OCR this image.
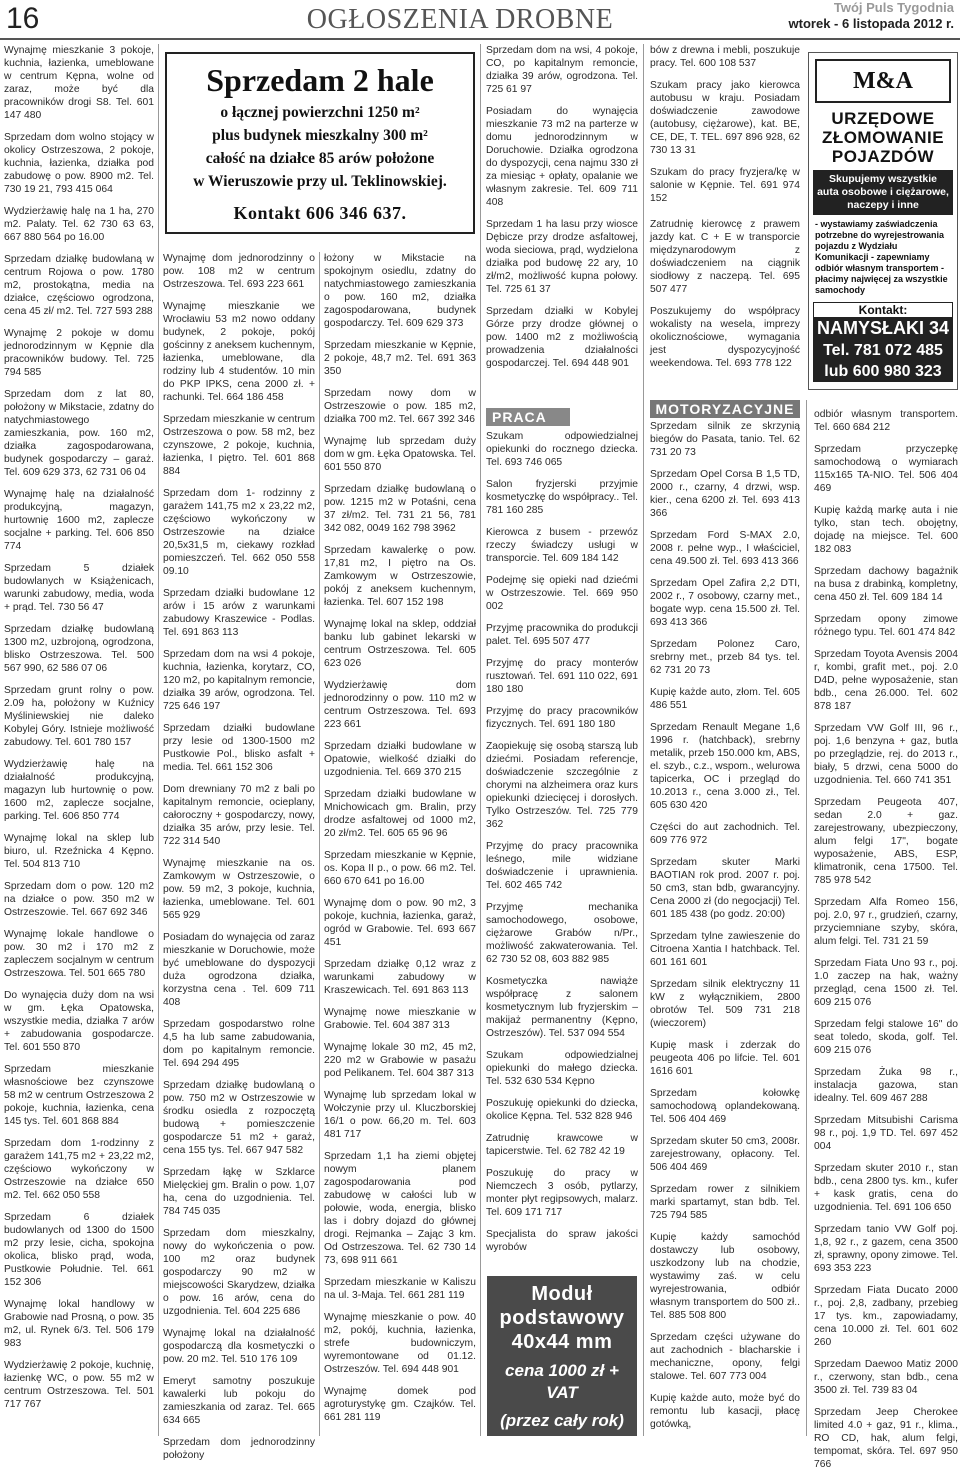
16	OGŁOSZENIA DROBNE	Twój Puls Tygodnia
wtorek - 6 listopada 2012 r.
Sprzedam 2 hale
o łącznej powierzchni 1250 m²
plus budynek mieszkalny 300 m²
całość na działce 85 arów położone
w Wieruszowie przy ul. Teklinowskiej.
Kontakt 606 346 637.
M&A
URZĘDOWE ZŁOMOWANIE POJAZDÓW
Skupujemy wszystkie auta osobowe i ciężarowe, naczepy i inne
- wystawiamy zaświadczenia potrzebne do wyrejestrowania pojazdu z Wydziału Komunikacji - zapewniamy odbiór własnym transportem - płacimy najwięcej za wszystkie samochody
Kontakt:
NAMYSŁAKI 34
Tel. 781 072 485
lub 600 980 323
PRACA	MOTORYZACYJNE
Moduł
podstawowy
40x44 mm
cena 1000 zł + VAT
(przez cały rok)
Wynajmę mieszkanie 3 pokoje, kuchnia, łazienka, umeblowane w centrum Kępna, wolne od zaraz, może być dla pracowników drogi S8. Tel. 601 147 480
Sprzedam dom wolno stojący w okolicy Ostrzeszowa, 2 pokoje, kuchnia, łazienka, działka pod zabudowę o pow. 8900 m2. Tel. 730 19 21, 793 415 064
Wydzierżawię halę na 1 ha, 270 m2. Palaty. Tel. 62 730 63 63, 667 880 564 po 16.00
Sprzedam działkę budowlaną w centrum Rojowa o pow. 1780 m2, prostokątna, media na działce, częściowo ogrodzona, cena 45 zł/ m2. Tel. 727 593 288
Wynajmę 2 pokoje w domu jednorodzinnym w Kępnie dla pracowników budowy. Tel. 725 794 585
Sprzedam dom z lat 80, położony w Mikstacie, zdatny do natychmiastowego zamieszkania, pow. 160 m2, działka zagospodarowana, budynek gospodarczy – garaż. Tel. 609 629 373, 62 731 06 04
Wynajmę halę na działalność produkcyjną, magazyn, hurtownię 1600 m2, zaplecze socjalne + parking. Tel. 606 850 774
Sprzedam 5 działek budowlanych w Książenicach, warunki zabudowy, media, woda + prąd. Tel. 730 56 47
Sprzedam działkę budowlaną 1300 m2, uzbrojoną, ogrodzona, blisko Ostrzeszowa. Tel. 500 567 990, 62 586 07 06
Sprzedam grunt rolny o pow. 2.09 ha, położony w Kuźnicy Myśliniewskiej nie daleko Kobylej Góry. Istnieje możliwość zabudowy. Tel. 601 780 157
Wydzierżawię halę na działalność produkcyjną, magazyn lub hurtownię o pow. 1600 m2, zaplecze socjalne, parking. Tel. 606 850 774
Wynajmę lokal na sklep lub biuro, ul. Rzeźnicka 4 Kępno. Tel. 504 813 710
Sprzedam dom o pow. 120 m2 na działce o pow. 350 m2 w Ostrzeszowie. Tel. 667 692 346
Wynajmę lokale handlowe o pow. 30 m2 i 170 m2 z zapleczem socjalnym w centrum Ostrzeszowa. Tel. 501 665 780
Do wynajęcia duży dom na wsi w gm. Łęka Opatowska, wszystkie media, działka 7 arów + zabudowania gospodarcze. Tel. 601 550 870
Sprzedam mieszkanie własnościowe bez czynszowe 58 m2 w centrum Ostrzeszowa 2 pokoje, kuchnia, łazienka, cena 145 tys. Tel. 601 868 884
Sprzedam dom 1-rodzinny z garażem 141,75 m2 + 23,22 m2, częściowo wykończony w Ostrzeszowie na działce 650 m2. Tel. 662 050 558
Sprzedam 6 działek budowlanych od 1300 do 1500 m2 przy lesie, cicha, spokojna okolica, blisko prąd, woda, Pustkowie Południe. Tel. 661 152 306
Wynajmę lokal handlowy w Grabowie nad Prosną, o pow. 35 m2, ul. Rynek 6/3. Tel. 506 179 983
Wydzierżawię 2 pokoje, kuchnię, łazienkę WC, o pow. 55 m2 w centrum Ostrzeszowa. Tel. 501 717 767
Wynajmę dom jednorodzinny o pow. 108 m2 w centrum Ostrzeszowa. Tel. 693 223 661
Wynajmę mieszkanie we Wrocławiu 53 m2 nowo oddany budynek, 2 pokoje, pokój gościnny z aneksem kuchennym, łazienka, umeblowane, dla rodziny lub 4 studentów. 10 min do PKP IPKS, cena 2000 zł. + rachunki. Tel. 664 186 458
Sprzedam mieszkanie w centrum Ostrzeszowa o pow. 58 m2, bez czynszowe, 2 pokoje, kuchnia, łazienka, I piętro. Tel. 601 868 884
Sprzedam dom 1- rodzinny z garażem 141,75 m2 x 23,22 m2, częściowo wykończony w Ostrzeszowie na działce 20,5x31,5 m, ciekawy rozkład pomieszczeń. Tel. 662 050 558 09.10
Sprzedam działki budowlane 12 arów i 15 arów z warunkami zabudowy Kraszewice - Podlas. Tel. 691 863 113
Sprzedam dom na wsi 4 pokoje, kuchnia, łazienka, korytarz, CO, 120 m2, po kapitalnym remoncie, działka 39 arów, ogrodzona. Tel. 725 646 197
Sprzedam działki budowlane przy lesie od 1300-1500 m2 Pustkowie Pol., blisko asfalt + media. Tel. 661 152 306
Dom drewniany 70 m2 z bali po kapitalnym remoncie, ocieplany, całoroczny + gospodarczy, nowy, działka 35 arów, przy lesie. Tel. 722 314 540
Wynajmę mieszkanie na os. Zamkowym w Ostrzeszowie, o pow. 59 m2, 3 pokoje, kuchnia, łazienka, umeblowane. Tel. 601 565 929
Posiadam do wynajęcia od zaraz mieszkanie w Doruchowie, może być umeblowane do dyspozycji duża ogrodzona działka, korzystna cena . Tel. 609 711 408
Sprzedam gospodarstwo rolne 4,5 ha lub same zabudowania, dom po kapitalnym remoncie. Tel. 694 294 495
Sprzedam działkę budowlaną o pow. 750 m2 w Ostrzeszowie w środku osiedla z rozpoczętą budową + pomieszczenie gospodarcze 51 m2 + garaż, cena 155 tys. Tel. 667 947 582
Sprzedam łąkę w Szklarce Mielęckiej gm. Bralin o pow. 1,07 ha, cena do uzgodnienia. Tel. 784 745 035
Sprzedam dom mieszkalny, nowy do wykończenia o pow. 100 m2 oraz budynek gospodarczy 90 m2 w miejscowości Skarydzew, działka o pow. 16 arów, cena do uzgodnienia. Tel. 604 225 686
Wynajmę lokal na działalność gospodarczą dla kosmetyczki o pow. 20 m2. Tel. 510 176 109
Emeryt samotny poszukuje kawalerki lub pokoju do zamieszkania od zaraz. Tel. 665 634 665
Sprzedam dom jednorodzinny położony
łożony w Mikstacie na spokojnym osiedlu, zdatny do natychmiastowego zamieszkania o pow. 160 m2, działka zagospodarowana, budynek gospodarczy. Tel. 609 629 373
Sprzedam mieszkanie w Kępnie, 2 pokoje, 48,7 m2. Tel. 691 363 350
Sprzedam nowy dom w Ostrzeszowie o pow. 185 m2, działka 700 m2. Tel. 667 392 346
Wynajmę lub sprzedam duży dom w gm. Łęka Opatowska. Tel. 601 550 870
Sprzedam działkę budowlaną o pow. 1215 m2 w Potaśni, cena 37 zł/m2. Tel. 731 21 56, 781 342 082, 0049 162 798 3962
Sprzedam kawalerkę o pow. 17,81 m2, I piętro na Os. Zamkowym w Ostrzeszowie, pokój z aneksem kuchennym, łazienka. Tel. 607 152 198
Wynajmę lokal na sklep, oddział banku lub gabinet lekarski w centrum Ostrzeszowa. Tel. 605 623 026
Wydzierżawię dom jednorodzinny o pow. 110 m2 w centrum Ostrzeszowa. Tel. 693 223 661
Sprzedam działki budowlane w Opatowie, wielkość działki do uzgodnienia. Tel. 669 370 215
Sprzedam działki budowlane w Mnichowicach gm. Bralin, przy drodze asfaltowej od 1000 m2, 20 zł/m2. Tel. 605 65 96 96
Sprzedam mieszkanie w Kępnie, os. Kopa II p., o pow. 66 m2. Tel. 660 670 641 po 16.00
Wynajmę dom o pow. 90 m2, 3 pokoje, kuchnia, łazienka, garaż, ogród w Grabowie. Tel. 693 667 451
Sprzedam działkę 0,12 wraz z warunkami zabudowy w Kraszewicach. Tel. 691 863 113
Wynajmę nowe mieszkanie w Grabowie. Tel. 604 387 313
Wynajmę lokale 30 m2, 45 m2, 220 m2 w Grabowie w pasażu pod Pelikanem. Tel. 604 387 313
Wynajmę lub sprzedam lokal w Wołczynie przy ul. Kluczborskiej 16/1 o pow. 66,20 m. Tel. 603 481 717
Sprzedam 1,1 ha ziemi objętej nowym planem zagospodarowania pod zabudowę w całości lub w połowie, woda, energia, blisko las i dobry dojazd do głównej drogi. Rejmanka – Zając 3 km. Od Ostrzeszowa. Tel. 62 730 14 73, 698 911 661
Sprzedam mieszkanie w Kaliszu na ul. 3-Maja. Tel. 661 281 119
Wynajmę mieszkanie o pow. 40 m2, pokój, kuchnia, łazienka, strefe budowniczym, wyremontowane od 01.12. Ostrzeszów. Tel. 694 448 901
Wynajmę domek pod agroturystykę gm. Czajków. Tel. 661 281 119
Sprzedam dom na wsi, 4 pokoje, CO, po kapitalnym remoncie, działka 39 arów, ogrodzona. Tel. 725 61 97
Posiadam do wynajęcia mieszkanie 73 m2 na parterze w domu jednorodzinnym w Doruchowie. Działka ogrodzona do dyspozycji, cena najmu 330 zł za miesiąc + opłaty, opalanie we własnym zakresie. Tel. 609 711 408
Sprzedam 1 ha lasu przy wiosce Dębicze przy drodze asfaltowej, woda sieciowa, prąd, wydzielona działka pod budowę 22 ary, 10 zł/m2, możliwość kupna połowy. Tel. 725 61 37
Sprzedam działki w Kobylej Górze przy drodze głównej o pow. 1400 m2 z możliwością prowadzenia działalności gospodarczej. Tel. 694 448 901
Szukam odpowiedzialnej opiekunki do rocznego dziecka. Tel. 693 746 065
Salon fryzjerski przyjmie kosmetyczkę do współpracy.. Tel. 781 160 285
Kierowca z busem - przewóz rzeczy świadczy usługi w transporcie. Tel. 609 184 142
Podejmę się opieki nad dziećmi w Ostrzeszowie. Tel. 669 950 002
Przyjmę pracownika do produkcji palet. Tel. 695 507 477
Przyjmę do pracy monterów rusztowań. Tel. 691 110 022, 691 180 180
Przyjmę do pracy pracowników fizycznych. Tel. 691 180 180
Zaopiekuję się osobą starszą lub dziećmi. Posiadam referencje, doświadczenie szczególnie z chorymi na alzheimera oraz kurs opiekunki dziecięcej i dorosłych. Tylko Ostrzeszów. Tel. 725 779 362
Przyjmę do pracy pracownika leśnego, mile widziane doświadczenie i uprawnienia. Tel. 602 465 742
Przyjmę mechanika samochodowego, osobowe, ciężarowe Grabów n/Pr., możliwość zakwaterowania. Tel. 62 730 52 08, 603 882 985
Kosmetyczka nawiąże współpracę z salonem kosmetycznym lub fryzjerskim – makijaż permanentny (Kępno, Ostrzeszów). Tel. 537 094 554
Szukam odpowiedzialnej opiekunki do małego dziecka. Tel. 532 630 534 Kępno
Poszukuję opiekunki do dziecka, okolice Kępna. Tel. 532 828 946
Zatrudnię krawcowe w tapicerstwie. Tel. 62 782 42 19
Poszukuję do pracy w Niemczech 3 osób, pytlarzy, monter płyt regipsowych, malarz. Tel. 609 171 717
Specjalista do spraw jakości wyrobów
bów z drewna i mebli, poszukuje pracy. Tel. 600 108 537
Szukam pracy jako kierowca autobusu w kraju. Posiadam doświadczenie zawodowe (autobusy, ciężarowe), kat. BE, CE, DE, T. TEL. 697 896 928, 62 730 13 31
Szukam do pracy fryzjera/kę w salonie w Kępnie. Tel. 691 974 152
Zatrudnię kierowcę z prawem jazdy kat. C + E w transporcie międzynarodowym z doświadczeniem na ciągnik siodłowy z naczepą. Tel. 695 507 477
Poszukujemy do współpracy wokalisty na wesela, imprezy okolicznościowe, wymagania jest dyspozycyjność weekendowa. Tel. 693 778 122
Sprzedam silnik ze skrzynią biegów do Pasata, tanio. Tel. 62 731 20 73
Sprzedam Opel Corsa B 1,5 TD, 2000 r., czarny, 4 drzwi, wsp. kier., cena 6200 zł. Tel. 693 413 366
Sprzedam Ford S-MAX 2.0, 2008 r. pełne wyp., I właściciel, cena 49.500 zł. Tel. 693 413 366
Sprzedam Opel Zafira 2,2 DTI, 2002 r., 7 osobowy, czarny met., bogate wyp. cena 15.500 zł. Tel. 693 413 366
Sprzedam Polonez Caro, srebrny met., przeb 84 tys. tel. 62 731 20 73
Kupię każde auto, złom. Tel. 605 486 551
Sprzedam Renault Megane 1,6 1996 r. (hatchback), srebrny metalik, przeb 150.000 km, ABS, el. szyb., c.z., wspom., welurowa tapicerka, OC i przegląd do 10.2013 r., cena 3.000 zł., Tel. 605 630 420
Części do aut zachodnich. Tel. 609 776 972
Sprzedam skuter Marki BAOTIAN rok prod. 2007 r. poj. 50 cm3, stan bdb, gwarancyjny. Cena 2000 zł (do negocjacji) Tel. 601 185 438 (po godz. 20:00)
Sprzedam tylne zawieszenie do Citroena Xantia I hatchback. Tel. 601 161 601
Sprzedam silnik elektryczny 11 kW z wyłącznikiem, 2800 obrotów Tel. 509 731 218 (wieczorem)
Kupię mask i zderzak do peugeota 406 po lifcie. Tel. 601 1616 601
Sprzedam kołowkę samochodową oplandekowaną. Tel. 506 404 469
Sprzedam skuter 50 cm3, 2008r. zarejestrowany, opłacony. Tel. 506 404 469
Sprzedam rower z silnikiem marki spartamyt, stan bdb. Tel. 725 794 585
Kupię każdy samochód dostawczy lub osobowy, uszkodzony lub na chodzie, wystawimy zaś. w celu wyrejestrowania, odbiór własnym transportem do 500 zł.. Tel. 885 508 800
Sprzedam części używane do aut zachodnich - blacharskie i mechaniczne, opony, felgi stalowe. Tel. 607 773 004
Kupię każde auto, może być do remontu lub kasacji, płacę gotówką,
odbiór własnym transportem. Tel. 660 684 212
Sprzedam przyczepkę samochodową o wymiarach 115x165 TA-NIO. Tel. 506 404 469
Kupię każdą markę auta i nie tylko, stan tech. obojętny, dojadę na miejsce. Tel. 600 182 083
Sprzedam dachowy bagażnik na busa z drabinką, kompletny, cena 450 zł. Tel. 609 184 14
Sprzedam opony zimowe różnego typu. Tel. 601 474 842
Sprzedam Toyota Avensis 2004 r, kombi, grafit met., poj. 2.0 D4D, pełne wyposażenie, stan bdb., cena 26.000. Tel. 602 878 187
Sprzedam VW Golf III, 96 r., poj. 1,6 benzyna + gaz, butla po przeglądzie, rej. do 2013 r., biały, 5 drzwi, cena 5000 do uzgodnienia. Tel. 660 741 351
Sprzedam Peugeota 407, sedan 2.0 + gaz. zarejestrowany, ubezpieczony, alum felgi 17", bogate wyposażenie, ABS, ESP, klimatronik, cena 17500. Tel. 785 978 542
Sprzedam Alfa Romeo 156, poj. 2.0, 97 r., grudzień, czarny, przyciemniane szyby, skóra, alum felgi. Tel. 731 21 59
Sprzedam Fiata Uno 93 r., poj. 1.0 zaczep na hak, ważny przegląd, cena 1500 zł. Tel. 609 215 076
Sprzedam felgi stalowe 16" do seat toledo, skoda, golf. Tel. 609 215 076
Sprzedam Żuka 98 r., instalacja gazowa, stan idealny. Tel. 609 467 288
Sprzedam Mitsubishi Carisma 98 r., poj. 1,9 TD. Tel. 697 452 004
Sprzedam skuter 2010 r., stan bdb., cena 2800 tys. km., kufer + kask gratis, cena do uzgodnienia. Tel. 691 106 650
Sprzedam tanio VW Golf poj. 1,8, 92 r., z gazem, cena 3500 zł, sprawny, opony zimowe. Tel. 693 353 223
Sprzedam Fiata Ducato 2000 r., poj. 2,8, zadbany, przebieg 17 tys. km., zapowiadamy, cena 10.000 zł. Tel. 601 602 260
Sprzedam Daewoo Matiz 2000 r., czerwony, stan bdb., cena 3500 zł. Tel. 739 83 04
Sprzedam Jeep Cherokee limited 4.0 + gaz, 91 r., klima., RO CD, hak, alum felgi, tempomat, skóra. Tel. 697 950 766
